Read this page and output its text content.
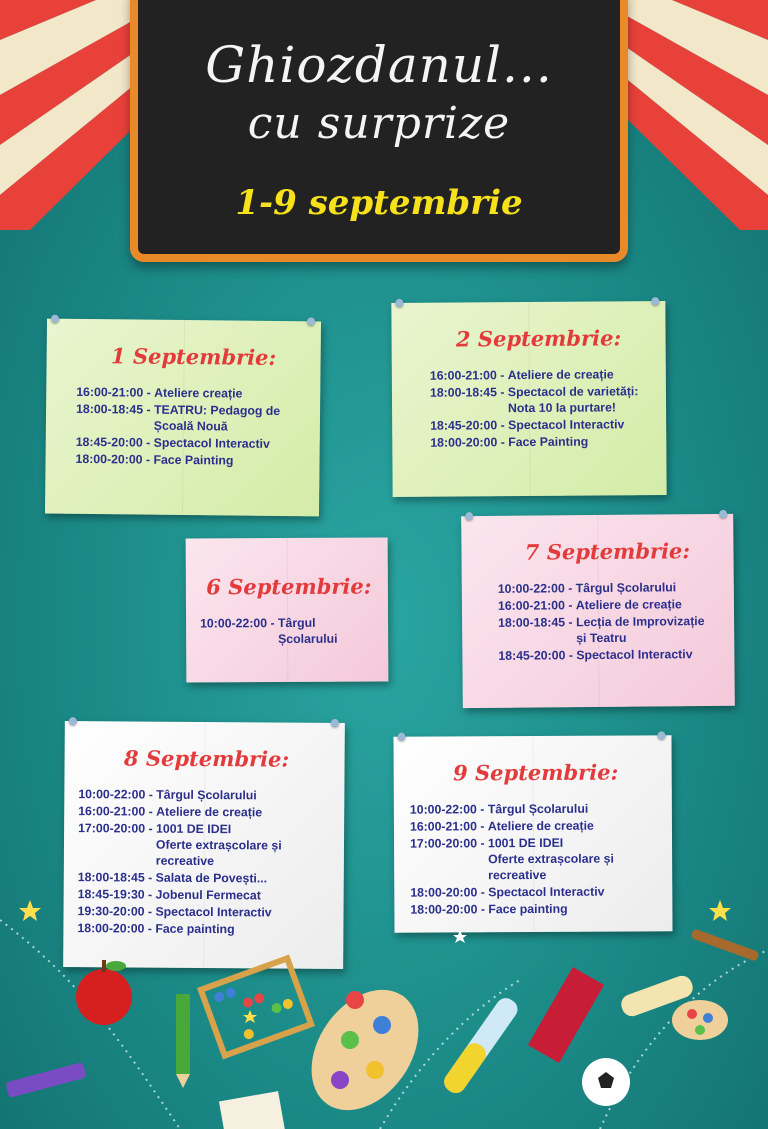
Ghiozdanul...
cu surprize
1-9 septembrie
1 Septembrie:
16:00-21:00 - Ateliere creație
18:00-18:45 - TEATRU: Pedagog de
Școală Nouă
18:45-20:00 - Spectacol Interactiv
18:00-20:00 - Face Painting
2 Septembrie:
16:00-21:00 - Ateliere de creație
18:00-18:45 - Spectacol de varietăți:
Nota 10 la purtare!
18:45-20:00 - Spectacol Interactiv
18:00-20:00 - Face Painting
6 Septembrie:
10:00-22:00 - Târgul Școlarului
7 Septembrie:
10:00-22:00 - Târgul Școlarului
16:00-21:00 - Ateliere de creație
18:00-18:45 - Lecția de Improvizație
și Teatru
18:45-20:00 - Spectacol Interactiv
8 Septembrie:
10:00-22:00 - Târgul Școlarului
16:00-21:00 - Ateliere de creație
17:00-20:00 - 1001 DE IDEI
Oferte extrașcolare și recreative
18:00-18:45 - Salata de Povești...
18:45-19:30 - Jobenul Fermecat
19:30-20:00 - Spectacol Interactiv
18:00-20:00 - Face painting
9 Septembrie:
10:00-22:00 - Târgul Școlarului
16:00-21:00 - Ateliere de creație
17:00-20:00 - 1001 DE IDEI
Oferte extrașcolare și recreative
18:00-20:00 - Spectacol Interactiv
18:00-20:00 - Face painting
